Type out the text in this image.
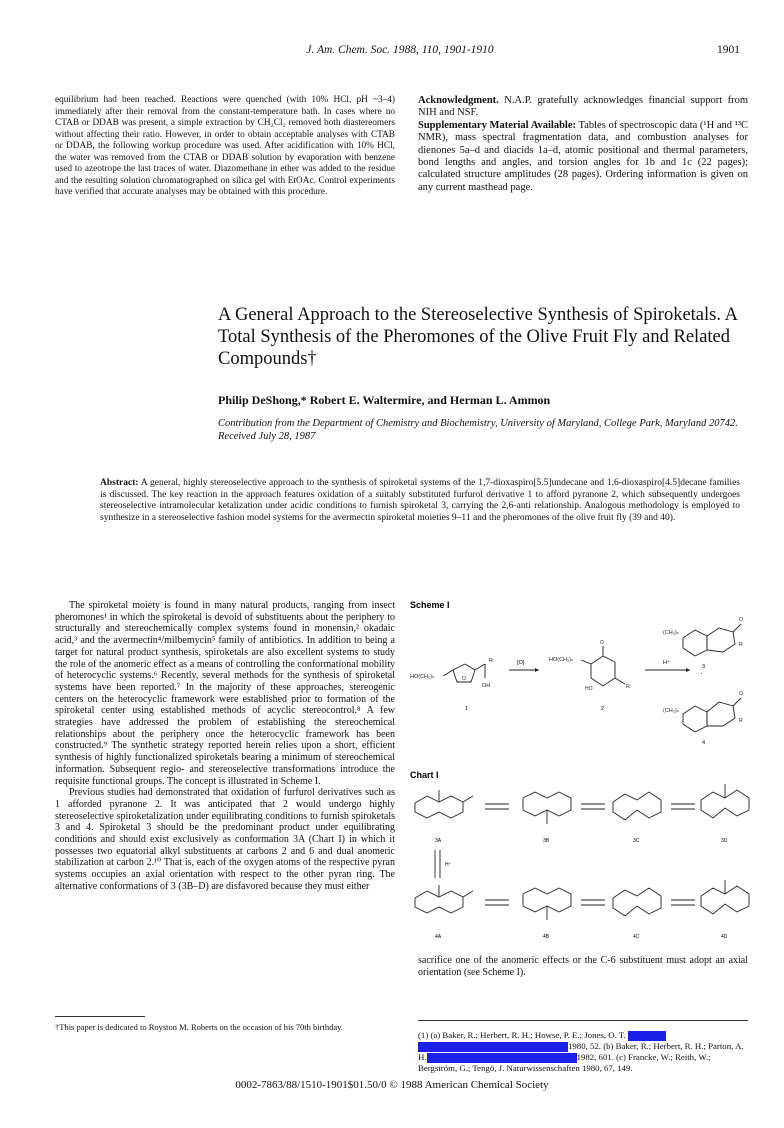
J. Am. Chem. Soc. 1988, 110, 1901-1910	1901

equilibrium had been reached. Reactions were quenched (with 10% HCl, pH ~3–4) immediately after their removal from the constant-temperature bath. In cases where no CTAB or DDAB was present, a simple extraction by CH₂Cl₂ removed both diastereomers without affecting their ratio. However, in order to obtain acceptable analyses with CTAB or DDAB, the following workup procedure was used. After acidification with 10% HCl, the water was removed from the CTAB or DDAB solution by evaporation with benzene used to azeotrope the last traces of water. Diazomethane in ether was added to the residue and the resulting solution chromatographed on silica gel with EtOAc. Control experiments have verified that accurate analyses may be obtained with this procedure.

Acknowledgment. N.A.P. gratefully acknowledges financial support from NIH and NSF.

Supplementary Material Available: Tables of spectroscopic data (¹H and ¹³C NMR), mass spectral fragmentation data, and combustion analyses for dienones 5a–d and diacids 1a–d, atomic positional and thermal parameters, bond lengths and angles, and torsion angles for 1b and 1c (22 pages); calculated structure amplitudes (28 pages). Ordering information is given on any current masthead page.

A General Approach to the Stereoselective Synthesis of Spiroketals. A Total Synthesis of the Pheromones of the Olive Fruit Fly and Related Compounds†
Philip DeShong,* Robert E. Waltermire, and Herman L. Ammon
Contribution from the Department of Chemistry and Biochemistry, University of Maryland, College Park, Maryland 20742. Received July 28, 1987
Abstract: A general, highly stereoselective approach to the synthesis of spiroketal systems of the 1,7-dioxaspiro[5.5]undecane and 1,6-dioxaspiro[4.5]decane families is discussed. The key reaction in the approach features oxidation of a suitably substituted furfurol derivative 1 to afford pyranone 2, which subsequently undergoes stereoselective intramolecular ketalization under acidic conditions to furnish spiroketal 3, carrying the 2,6-anti relationship. Analogous methodology is employed to synthesize in a stereoselective fashion model systems for the avermectin spiroketal moieties 9–11 and the pheromones of the olive fruit fly (39 and 40).

The spiroketal moiety is found in many natural products, ranging from insect pheromones¹ in which the spiroketal is devoid of substituents about the periphery to structurally and stereochemically complex systems found in monensin,² okadaic acid,³ and the avermectin⁴/milbemycin⁵ family of antibiotics. In addition to being a target for natural product synthesis, spiroketals are also excellent systems to study the role of the anomeric effect as a means of controlling the conformational mobility of heterocyclic systems.⁶ Recently, several methods for the synthesis of spiroketal systems have been reported.⁷ In the majority of these approaches, stereogenic centers on the heterocyclic framework were established prior to formation of the spiroketal center using established methods of acyclic stereocontrol.⁸ A few strategies have addressed the problem of establishing the stereochemical relationships about the periphery once the heterocyclic framework has been constructed.⁹ The synthetic strategy reported herein relies upon a short, efficient synthesis of highly functionalized spiroketals bearing a minimum of stereochemical information. Subsequent regio- and stereoselective transformations introduce the requisite functional groups. The concept is illustrated in Scheme I.

Previous studies had demonstrated that oxidation of furfurol derivatives such as 1 afforded pyranone 2. It was anticipated that 2 would undergo highly stereoselective spiroketalization under equilibrating conditions to furnish spiroketals 3 and 4. Spiroketal 3 should be the predominant product under equilibrating conditions and should exist exclusively as conformation 3A (Chart I) in which it possesses two equatorial alkyl substituents at carbons 2 and 6 and dual anomeric stabilization at carbon 2.¹⁰ That is, each of the oxygen atoms of the respective pyran systems occupies an axial orientation with respect to the other pyran ring. The alternative conformations of 3 (3B–D) are disfavored because they must either

†This paper is dedicated to Royston M. Roberts on the occasion of his 70th birthday.
Scheme I
HO(CH₂)ₙ
R
OH
O
1
[O]	HO(CH₂)ₙ
O
R
HO
2
H⁺
·
(CH₂)ₙ
O
R
3
(CH₂)ₙ
O
R
4
Chart I
3A	3B	3C	3D
H⁺
4A	4B	4C	4D
sacrifice one of the anomeric effects or the C-6 substituent must adopt an axial orientation (see Scheme I).
(1) (a) Baker, R.; Herbert, R. H.; Howse, P. E.; Jones, O. T.
1980, 52. (b) Baker, R.; Herbert, R. H.; Parton, A.
H.	1982, 601. (c) Francke, W.; Reith, W.;
Bergström, G.; Tengö, J. Naturwissenschaften 1980, 67, 149.
0002-7863/88/1510-1901$01.50/0 © 1988 American Chemical Society
